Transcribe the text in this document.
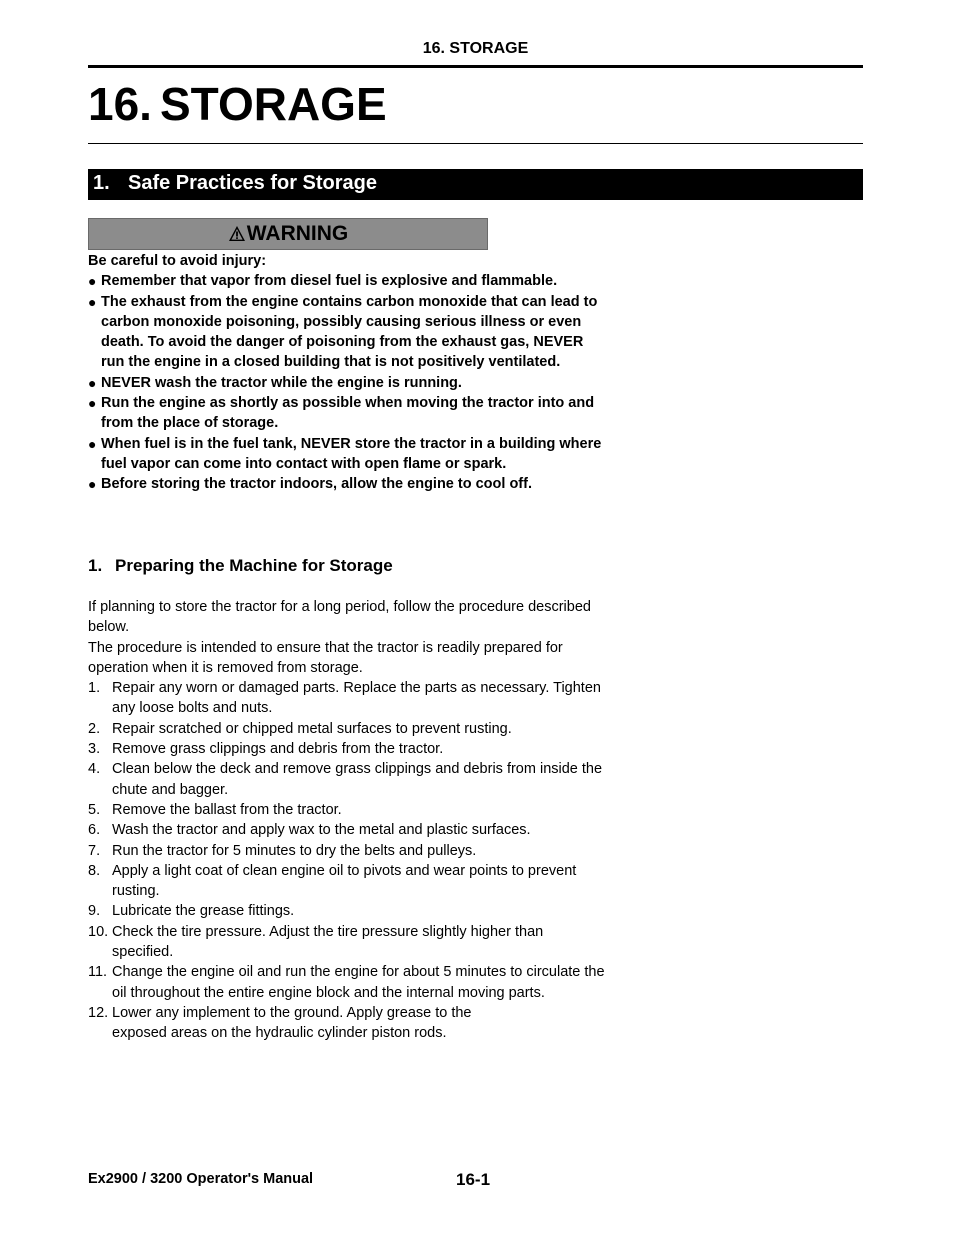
16. STORAGE
16. STORAGE
1. Safe Practices for Storage
WARNING

Be careful to avoid injury:

● Remember that vapor from diesel fuel is explosive and flammable.
● The exhaust from the engine contains carbon monoxide that can lead to carbon monoxide poisoning, possibly causing serious illness or even death. To avoid the danger of poisoning from the exhaust gas, NEVER run the engine in a closed building that is not positively ventilated.
● NEVER wash the tractor while the engine is running.
● Run the engine as shortly as possible when moving the tractor into and from the place of storage.
● When fuel is in the fuel tank, NEVER store the tractor in a building where fuel vapor can come into contact with open flame or spark.
● Before storing the tractor indoors, allow the engine to cool off.
1. Preparing the Machine for Storage

If planning to store the tractor for a long period, follow the procedure described below.

The procedure is intended to ensure that the tractor is readily prepared for operation when it is removed from storage.

1. Repair any worn or damaged parts. Replace the parts as necessary. Tighten any loose bolts and nuts.
2. Repair scratched or chipped metal surfaces to prevent rusting.
3. Remove grass clippings and debris from the tractor.
4. Clean below the deck and remove grass clippings and debris from inside the chute and bagger.
5. Remove the ballast from the tractor.
6. Wash the tractor and apply wax to the metal and plastic surfaces.
7. Run the tractor for 5 minutes to dry the belts and pulleys.
8. Apply a light coat of clean engine oil to pivots and wear points to prevent rusting.
9. Lubricate the grease fittings.
10. Check the tire pressure. Adjust the tire pressure slightly higher than specified.
11. Change the engine oil and run the engine for about 5 minutes to circulate the oil throughout the entire engine block and the internal moving parts.
12. Lower any implement to the ground. Apply grease to the exposed areas on the hydraulic cylinder piston rods.
Ex2900 / 3200 Operator's Manual	16-1
